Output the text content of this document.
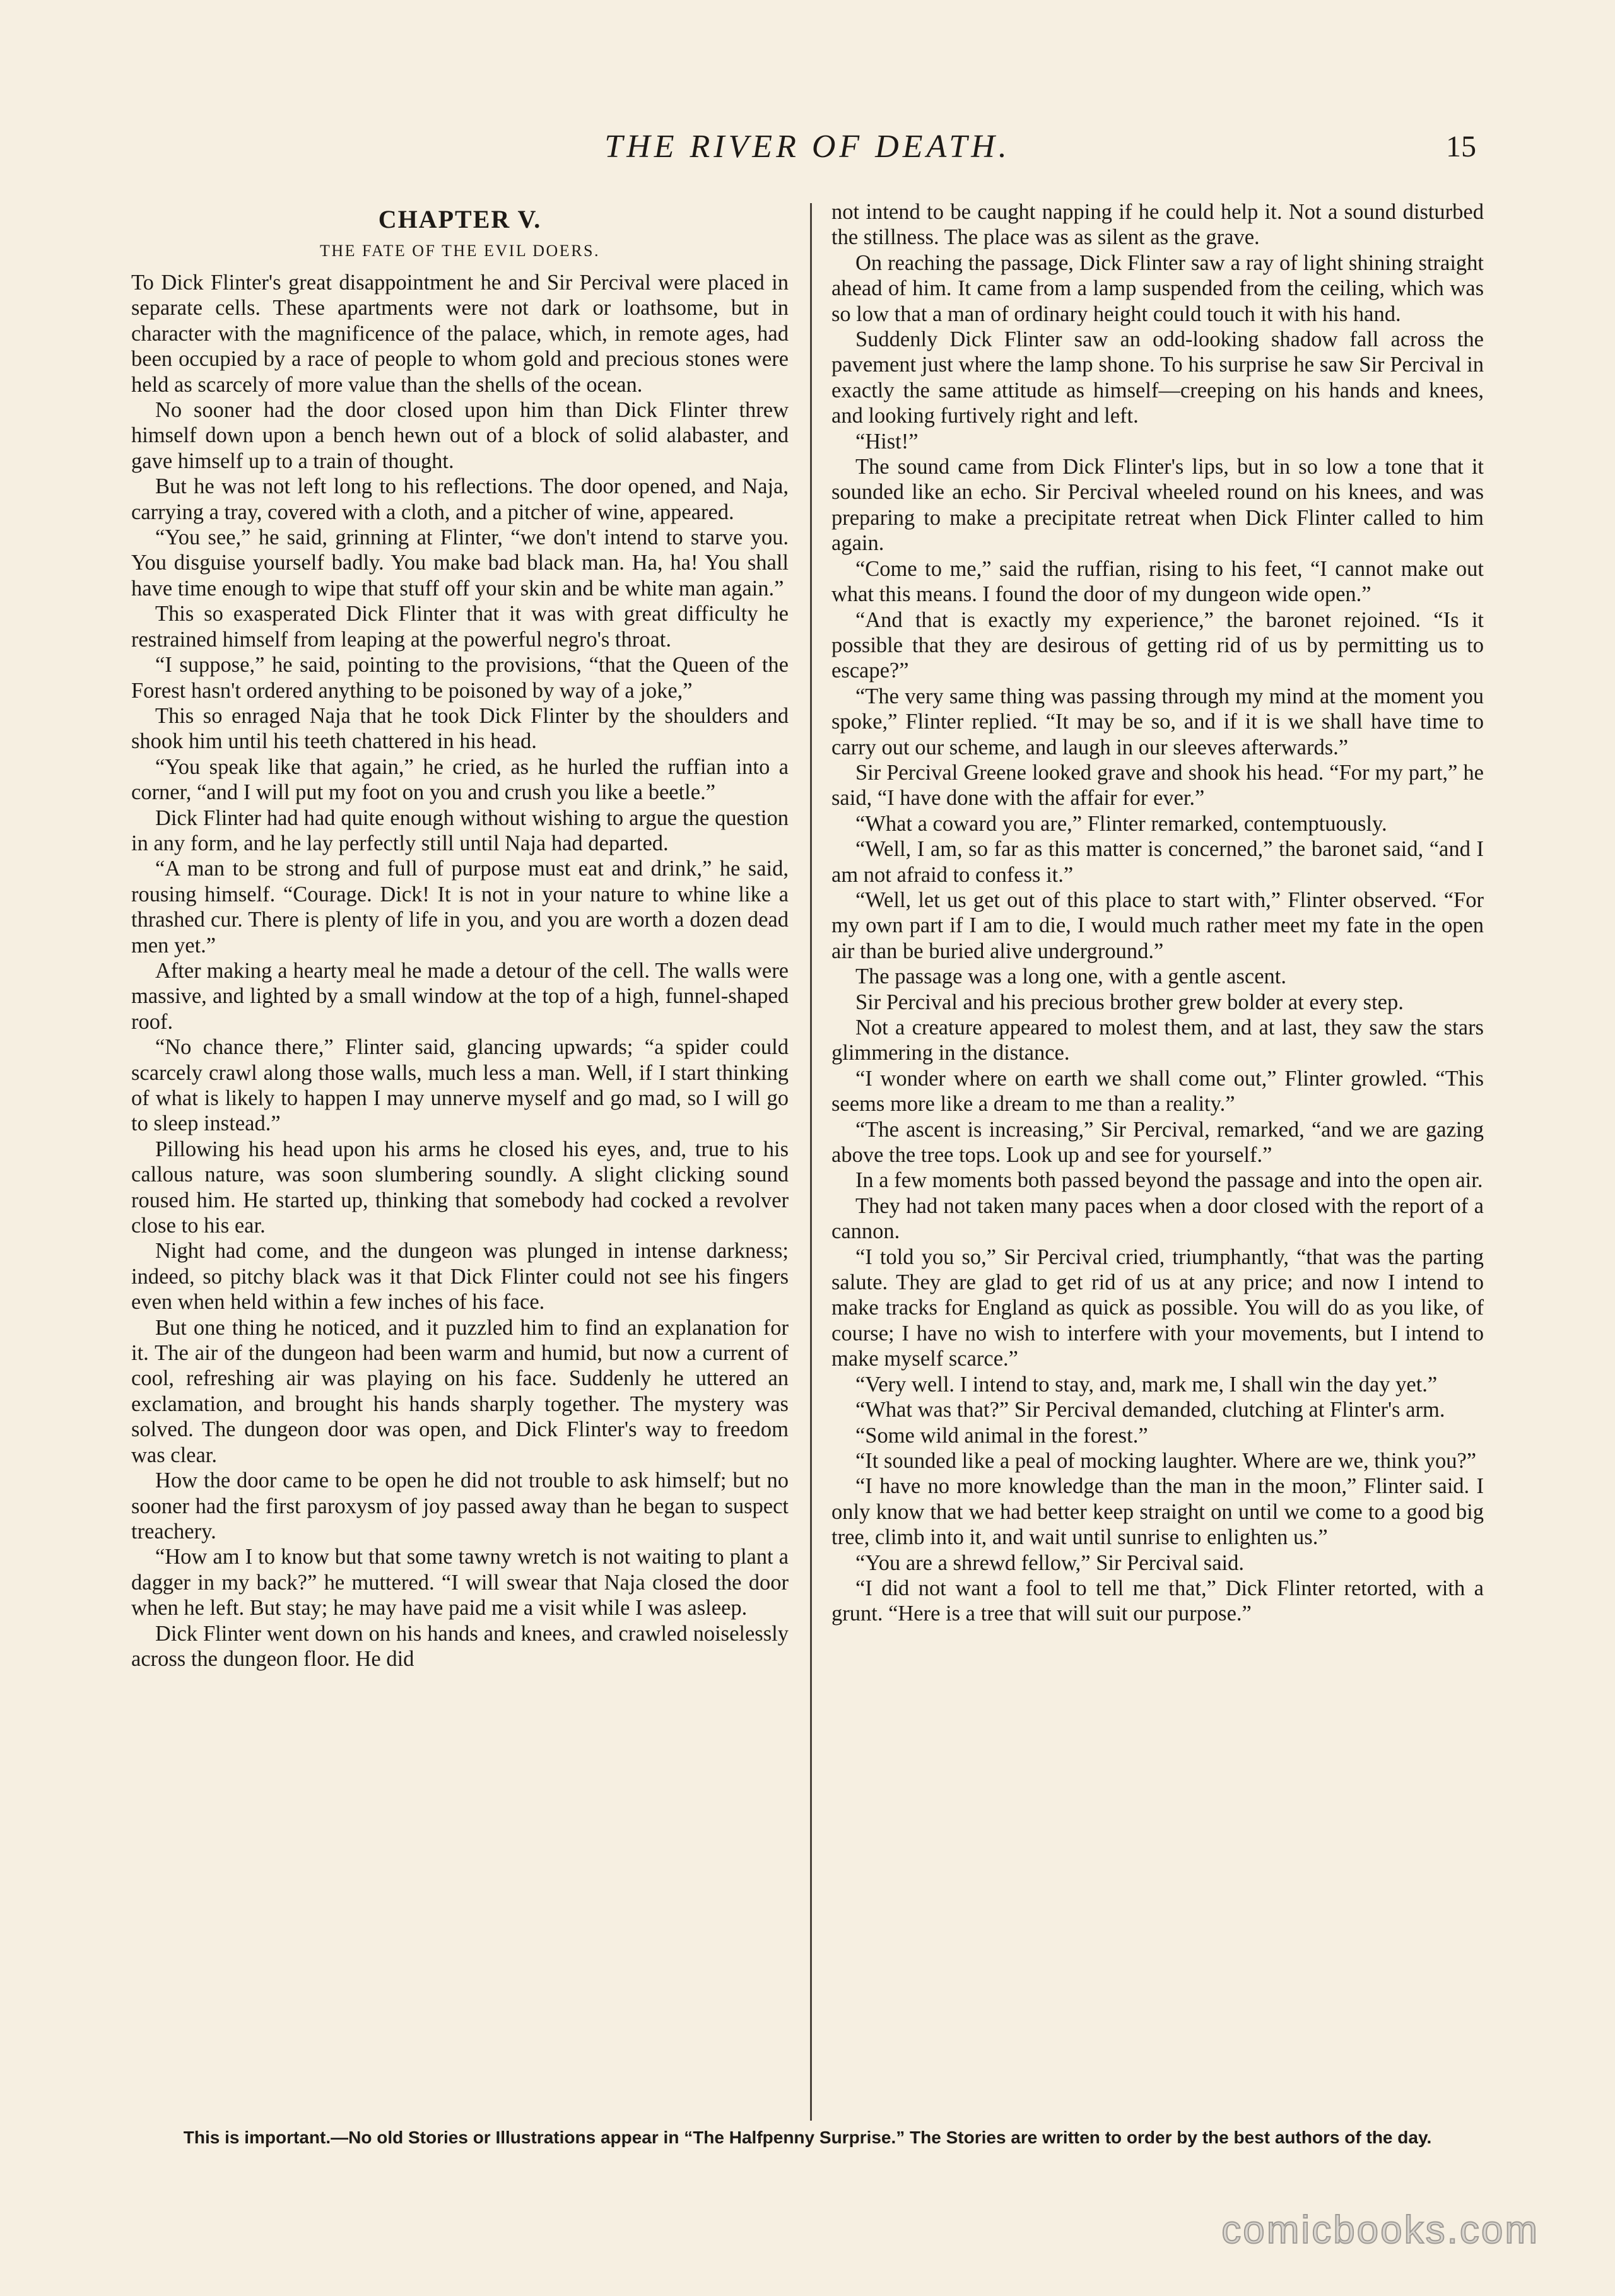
THE RIVER OF DEATH.	15
CHAPTER V.
THE FATE OF THE EVIL DOERS.

To Dick Flinter's great disappointment he and Sir Percival were placed in separate cells. These apartments were not dark or loathsome, but in character with the magnificence of the palace, which, in remote ages, had been occupied by a race of people to whom gold and precious stones were held as scarcely of more value than the shells of the ocean.

No sooner had the door closed upon him than Dick Flinter threw himself down upon a bench hewn out of a block of solid alabaster, and gave himself up to a train of thought.

But he was not left long to his reflections. The door opened, and Naja, carrying a tray, covered with a cloth, and a pitcher of wine, appeared.

“You see,” he said, grinning at Flinter, “we don't intend to starve you. You disguise yourself badly. You make bad black man. Ha, ha! You shall have time enough to wipe that stuff off your skin and be white man again.”

This so exasperated Dick Flinter that it was with great difficulty he restrained himself from leaping at the powerful negro's throat.

“I suppose,” he said, pointing to the provisions, “that the Queen of the Forest hasn't ordered anything to be poisoned by way of a joke,”

This so enraged Naja that he took Dick Flinter by the shoulders and shook him until his teeth chattered in his head.

“You speak like that again,” he cried, as he hurled the ruffian into a corner, “and I will put my foot on you and crush you like a beetle.”

Dick Flinter had had quite enough without wishing to argue the question in any form, and he lay perfectly still until Naja had departed.

“A man to be strong and full of purpose must eat and drink,” he said, rousing himself. “Courage. Dick! It is not in your nature to whine like a thrashed cur. There is plenty of life in you, and you are worth a dozen dead men yet.”

After making a hearty meal he made a detour of the cell. The walls were massive, and lighted by a small window at the top of a high, funnel-shaped roof.

“No chance there,” Flinter said, glancing upwards; “a spider could scarcely crawl along those walls, much less a man. Well, if I start thinking of what is likely to happen I may unnerve myself and go mad, so I will go to sleep instead.”

Pillowing his head upon his arms he closed his eyes, and, true to his callous nature, was soon slumbering soundly. A slight clicking sound roused him. He started up, thinking that somebody had cocked a revolver close to his ear.

Night had come, and the dungeon was plunged in intense darkness; indeed, so pitchy black was it that Dick Flinter could not see his fingers even when held within a few inches of his face.

But one thing he noticed, and it puzzled him to find an explanation for it. The air of the dungeon had been warm and humid, but now a current of cool, refreshing air was playing on his face. Suddenly he uttered an exclamation, and brought his hands sharply together. The mystery was solved. The dungeon door was open, and Dick Flinter's way to freedom was clear.

How the door came to be open he did not trouble to ask himself; but no sooner had the first paroxysm of joy passed away than he began to suspect treachery.

“How am I to know but that some tawny wretch is not waiting to plant a dagger in my back?” he muttered. “I will swear that Naja closed the door when he left. But stay; he may have paid me a visit while I was asleep.

Dick Flinter went down on his hands and knees, and crawled noiselessly across the dungeon floor. He did

not intend to be caught napping if he could help it. Not a sound disturbed the stillness. The place was as silent as the grave.

On reaching the passage, Dick Flinter saw a ray of light shining straight ahead of him. It came from a lamp suspended from the ceiling, which was so low that a man of ordinary height could touch it with his hand.

Suddenly Dick Flinter saw an odd-looking shadow fall across the pavement just where the lamp shone. To his surprise he saw Sir Percival in exactly the same attitude as himself—creeping on his hands and knees, and looking furtively right and left.

“Hist!”

The sound came from Dick Flinter's lips, but in so low a tone that it sounded like an echo. Sir Percival wheeled round on his knees, and was preparing to make a precipitate retreat when Dick Flinter called to him again.

“Come to me,” said the ruffian, rising to his feet, “I cannot make out what this means. I found the door of my dungeon wide open.”

“And that is exactly my experience,” the baronet rejoined. “Is it possible that they are desirous of getting rid of us by permitting us to escape?”

“The very same thing was passing through my mind at the moment you spoke,” Flinter replied. “It may be so, and if it is we shall have time to carry out our scheme, and laugh in our sleeves afterwards.”

Sir Percival Greene looked grave and shook his head. “For my part,” he said, “I have done with the affair for ever.”

“What a coward you are,” Flinter remarked, contemptuously.

“Well, I am, so far as this matter is concerned,” the baronet said, “and I am not afraid to confess it.”

“Well, let us get out of this place to start with,” Flinter observed. “For my own part if I am to die, I would much rather meet my fate in the open air than be buried alive underground.”

The passage was a long one, with a gentle ascent.

Sir Percival and his precious brother grew bolder at every step.

Not a creature appeared to molest them, and at last, they saw the stars glimmering in the distance.

“I wonder where on earth we shall come out,” Flinter growled. “This seems more like a dream to me than a reality.”

“The ascent is increasing,” Sir Percival, remarked, “and we are gazing above the tree tops. Look up and see for yourself.”

In a few moments both passed beyond the passage and into the open air.

They had not taken many paces when a door closed with the report of a cannon.

“I told you so,” Sir Percival cried, triumphantly, “that was the parting salute. They are glad to get rid of us at any price; and now I intend to make tracks for England as quick as possible. You will do as you like, of course; I have no wish to interfere with your movements, but I intend to make myself scarce.”

“Very well. I intend to stay, and, mark me, I shall win the day yet.”

“What was that?” Sir Percival demanded, clutching at Flinter's arm.

“Some wild animal in the forest.”

“It sounded like a peal of mocking laughter. Where are we, think you?”

“I have no more knowledge than the man in the moon,” Flinter said. I only know that we had better keep straight on until we come to a good big tree, climb into it, and wait until sunrise to enlighten us.”

“You are a shrewd fellow,” Sir Percival said.

“I did not want a fool to tell me that,” Dick Flinter retorted, with a grunt. “Here is a tree that will suit our purpose.”

This is important.—No old Stories or Illustrations appear in “The Halfpenny Surprise.” The Stories are written to order by the best authors of the day.
comicbooks.com
